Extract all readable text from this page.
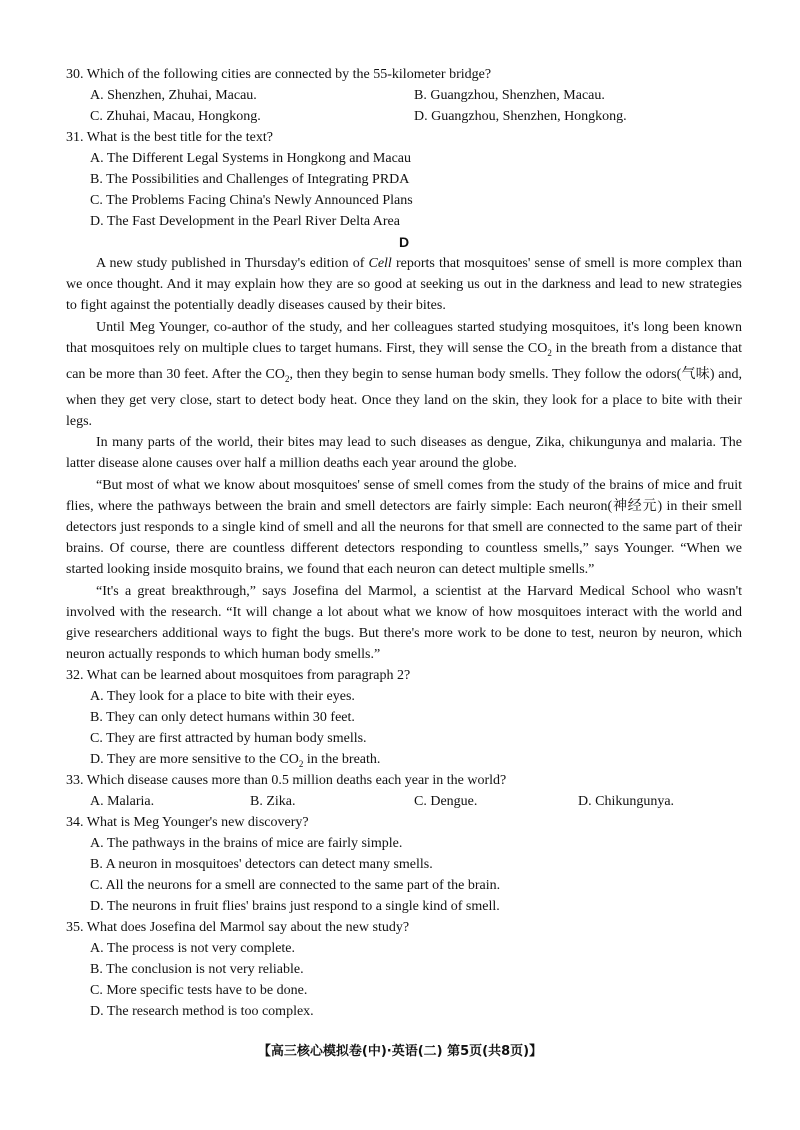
30. Which of the following cities are connected by the 55-kilometer bridge?
A. Shenzhen, Zhuhai, Macau.	B. Guangzhou, Shenzhen, Macau.
C. Zhuhai, Macau, Hongkong.	D. Guangzhou, Shenzhen, Hongkong.
31. What is the best title for the text?
A. The Different Legal Systems in Hongkong and Macau
B. The Possibilities and Challenges of Integrating PRDA
C. The Problems Facing China's Newly Announced Plans
D. The Fast Development in the Pearl River Delta Area
D

A new study published in Thursday's edition of Cell reports that mosquitoes' sense of smell is more complex than we once thought. And it may explain how they are so good at seeking us out in the darkness and lead to new strategies to fight against the potentially deadly diseases caused by their bites.

Until Meg Younger, co-author of the study, and her colleagues started studying mosquitoes, it's long been known that mosquitoes rely on multiple clues to target humans. First, they will sense the $CO_2$ in the breath from a distance that can be more than 30 feet. After the $CO_2$, then they begin to sense human body smells. They follow the odors(气味) and, when they get very close, start to detect body heat. Once they land on the skin, they look for a place to bite with their legs.

In many parts of the world, their bites may lead to such diseases as dengue, Zika, chikungunya and malaria. The latter disease alone causes over half a million deaths each year around the globe.

“But most of what we know about mosquitoes' sense of smell comes from the study of the brains of mice and fruit flies, where the pathways between the brain and smell detectors are fairly simple: Each neuron(神经元) in their smell detectors just responds to a single kind of smell and all the neurons for that smell are connected to the same part of their brains. Of course, there are countless different detectors responding to countless smells,” says Younger. “When we started looking inside mosquito brains, we found that each neuron can detect multiple smells.”

“It's a great breakthrough,” says Josefina del Marmol, a scientist at the Harvard Medical School who wasn't involved with the research. “It will change a lot about what we know of how mosquitoes interact with the world and give researchers additional ways to fight the bugs. But there's more work to be done to test, neuron by neuron, which neuron actually responds to which human body smells.”

32. What can be learned about mosquitoes from paragraph 2?
A. They look for a place to bite with their eyes.
B. They can only detect humans within 30 feet.
C. They are first attracted by human body smells.
D. They are more sensitive to the $CO_2$ in the breath.
33. Which disease causes more than 0.5 million deaths each year in the world?
A. Malaria.	B. Zika.	C. Dengue.	D. Chikungunya.
34. What is Meg Younger's new discovery?
A. The pathways in the brains of mice are fairly simple.
B. A neuron in mosquitoes' detectors can detect many smells.
C. All the neurons for a smell are connected to the same part of the brain.
D. The neurons in fruit flies' brains just respond to a single kind of smell.
35. What does Josefina del Marmol say about the new study?
A. The process is not very complete.
B. The conclusion is not very reliable.
C. More specific tests have to be done.
D. The research method is too complex.
【高三核心模拟卷(中)·英语(二) 第5页(共8页)】
